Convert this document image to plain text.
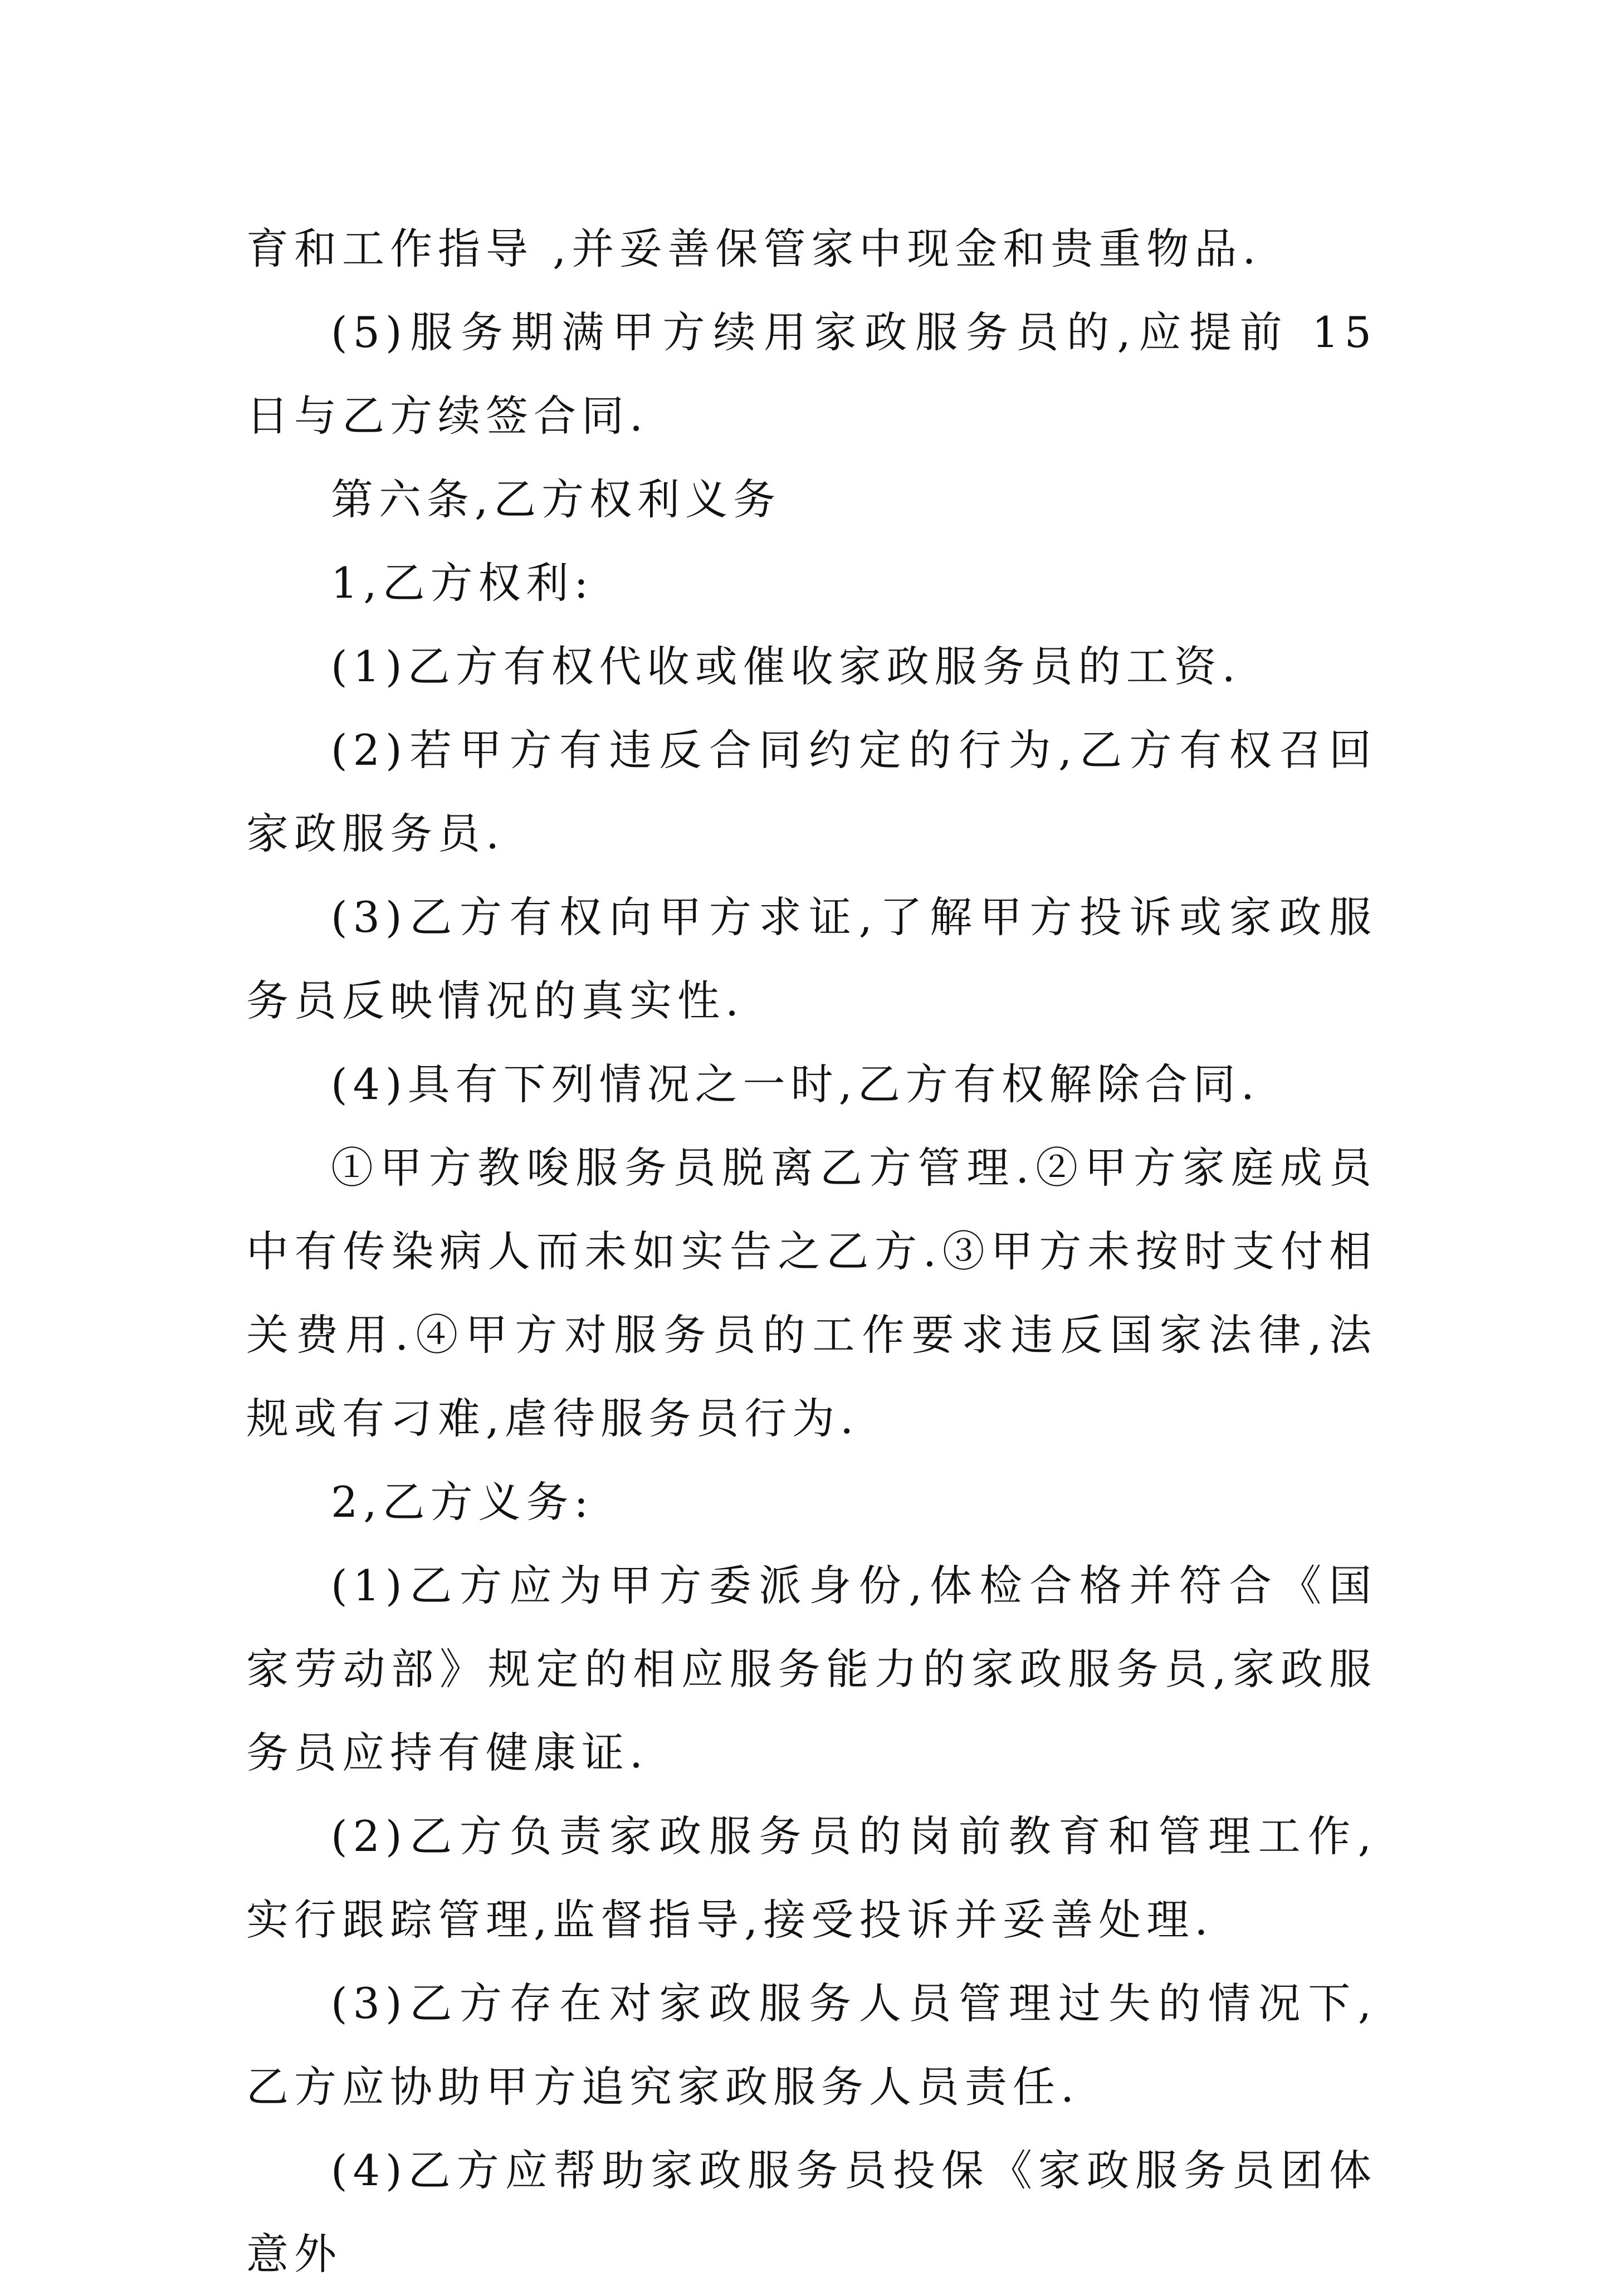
育和工作指导 ,并妥善保管家中现金和贵重物品.

(5)服务期满甲方续用家政服务员的,应提前 15 日与乙方续签合同.

第六条,乙方权利义务

1,乙方权利:

(1)乙方有权代收或催收家政服务员的工资.

(2)若甲方有违反合同约定的行为,乙方有权召回家政服务员.

(3)乙方有权向甲方求证,了解甲方投诉或家政服务员反映情况的真实性.

(4)具有下列情况之一时,乙方有权解除合同.

①甲方教唆服务员脱离乙方管理.②甲方家庭成员中有传染病人而未如实告之乙方.③甲方未按时支付相关费用.④甲方对服务员的工作要求违反国家法律,法规或有刁难,虐待服务员行为.

2,乙方义务:

(1)乙方应为甲方委派身份,体检合格并符合《国家劳动部》规定的相应服务能力的家政服务员,家政服务员应持有健康证.

(2)乙方负责家政服务员的岗前教育和管理工作,实行跟踪管理,监督指导,接受投诉并妥善处理.

(3)乙方存在对家政服务人员管理过失的情况下,乙方应协助甲方追究家政服务人员责任.

(4)乙方应帮助家政服务员投保《家政服务员团体意外
